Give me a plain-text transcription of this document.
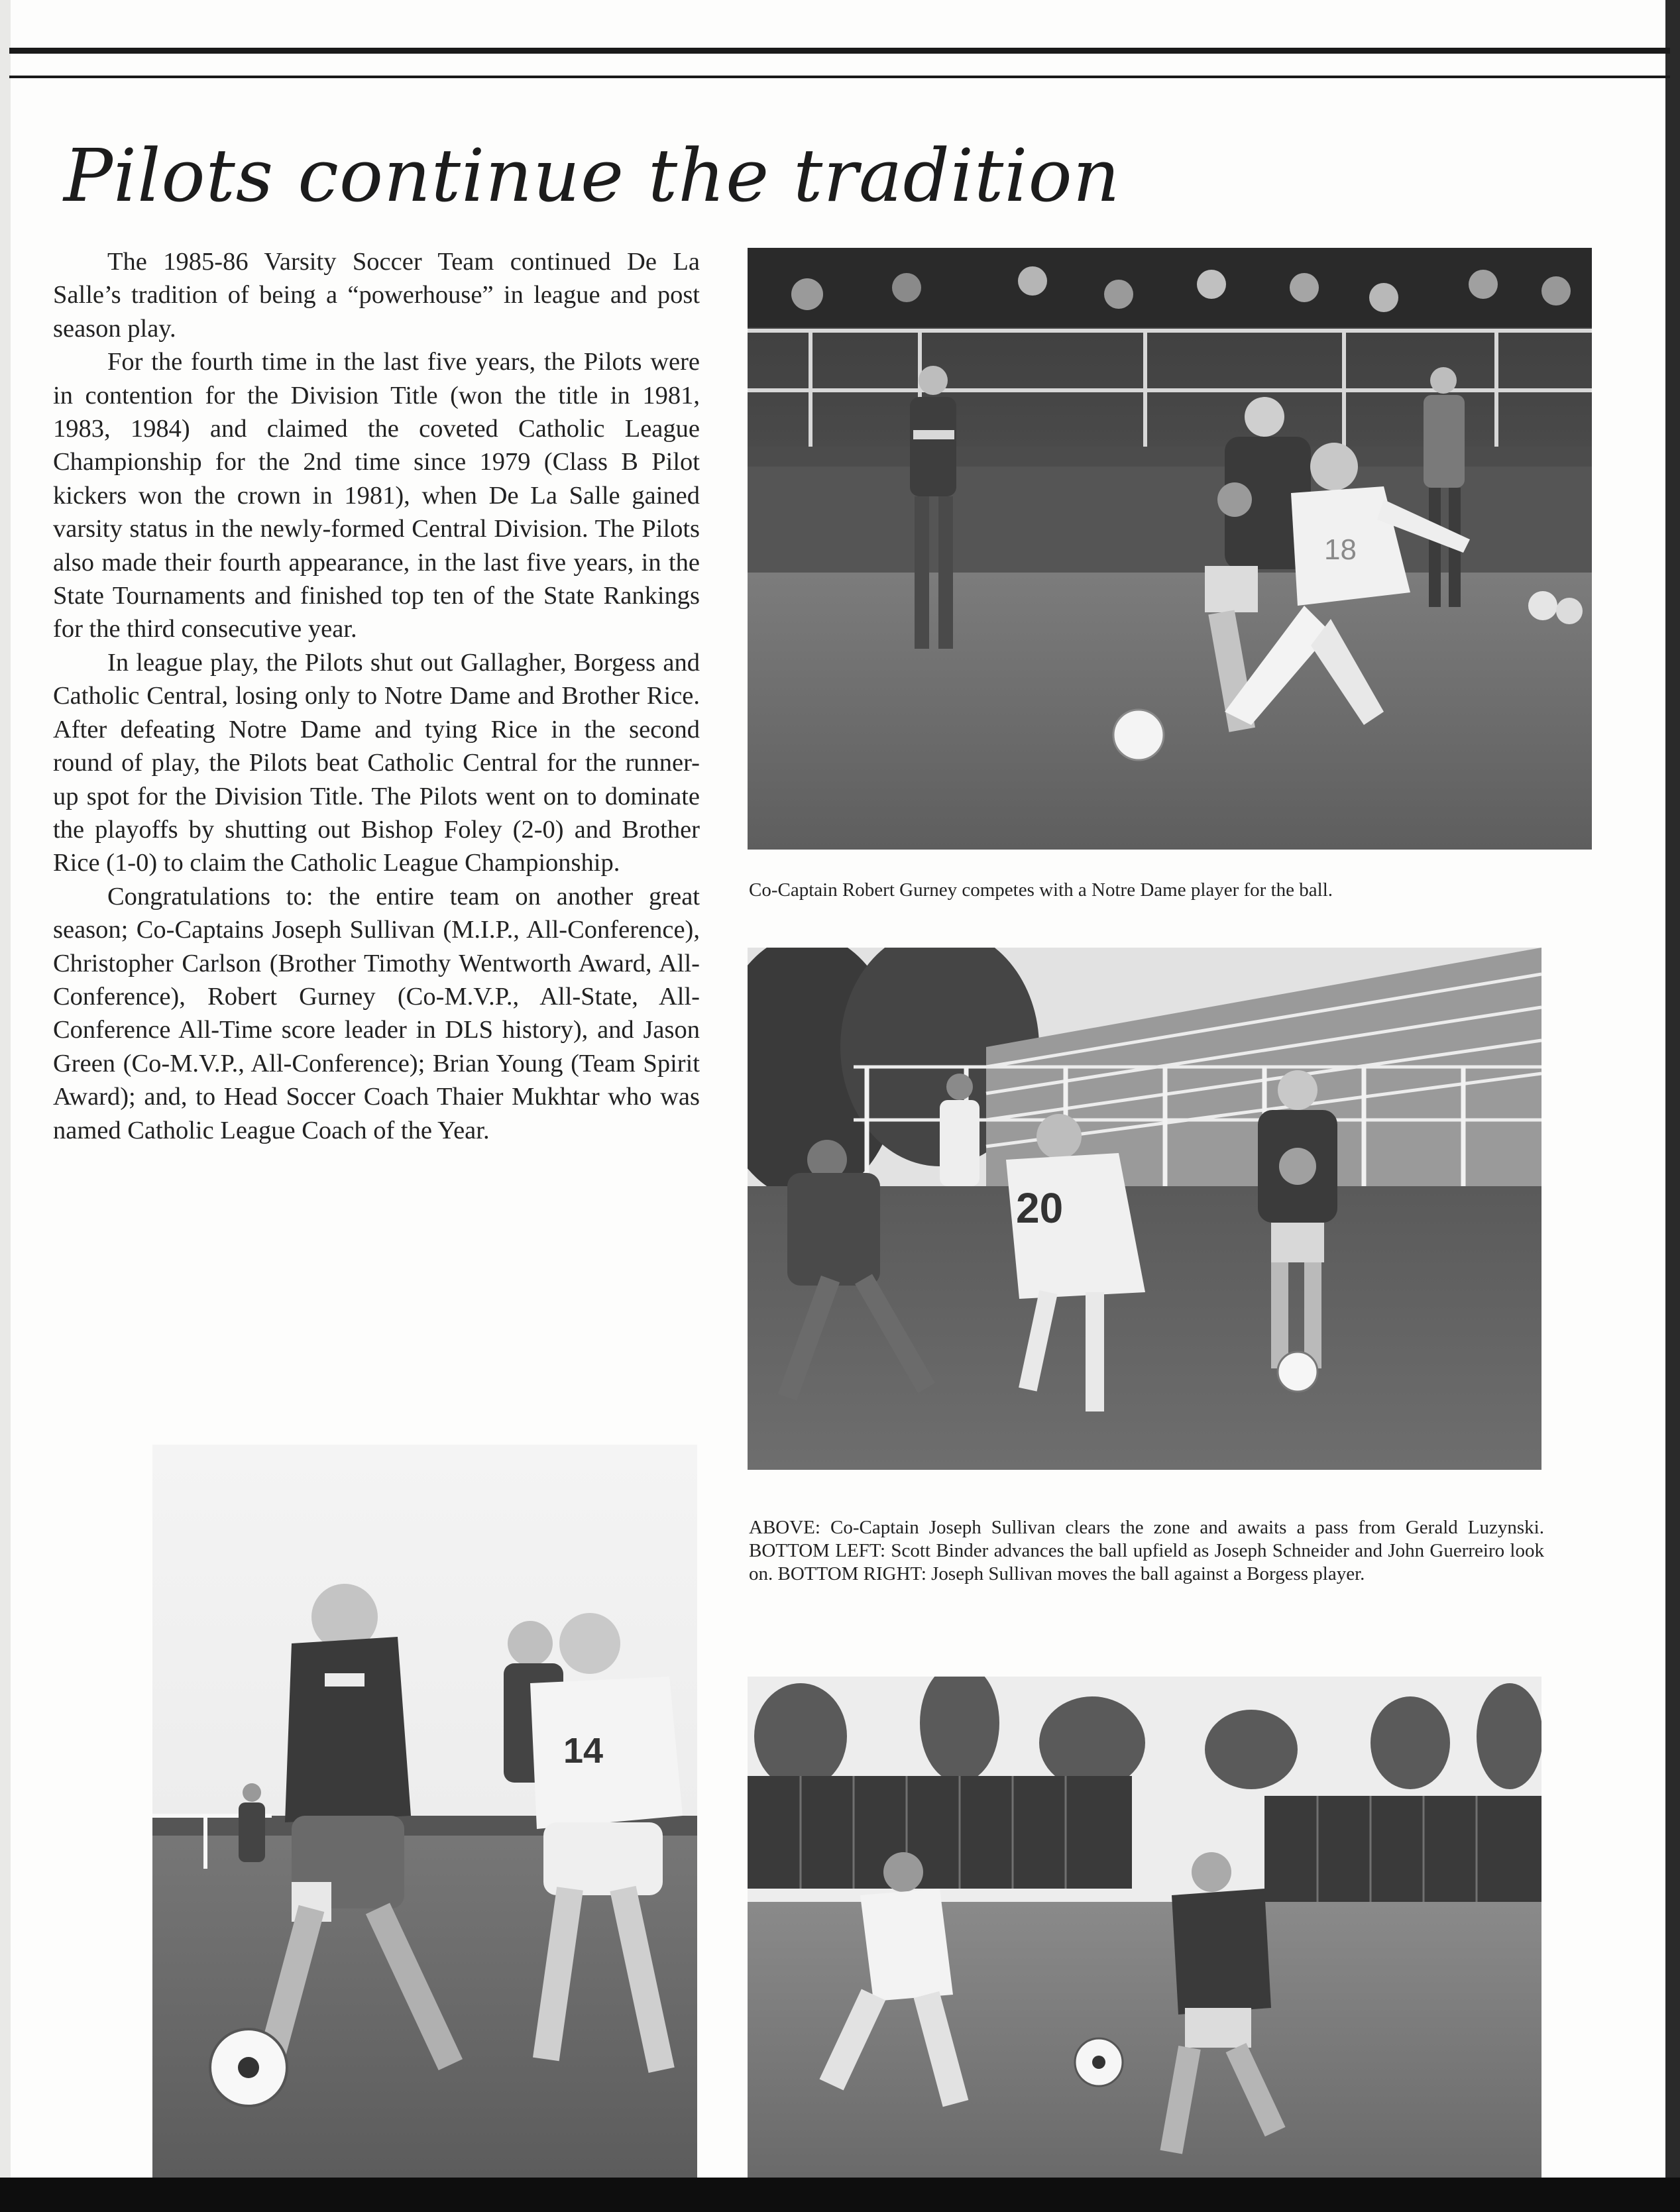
Pilots continue the tradition

The 1985-86 Varsity Soccer Team continued De La Salle’s tradition of being a “powerhouse” in league and post season play.

For the fourth time in the last five years, the Pilots were in contention for the Division Title (won the title in 1981, 1983, 1984) and claimed the coveted Catholic League Championship for the 2nd time since 1979 (Class B Pilot kickers won the crown in 1981), when De La Salle gained varsity status in the newly-formed Central Division. The Pilots also made their fourth appearance, in the last five years, in the State Tournaments and finished top ten of the State Rankings for the third consecutive year.

In league play, the Pilots shut out Gallagher, Borgess and Catholic Central, losing only to Notre Dame and Brother Rice. After defeating Notre Dame and tying Rice in the second round of play, the Pilots beat Catholic Central for the runner-up spot for the Division Title. The Pilots went on to dominate the playoffs by shutting out Bishop Foley (2-0) and Brother Rice (1-0) to claim the Catholic League Championship.

Congratulations to: the entire team on another great season; Co-Captains Joseph Sullivan (M.I.P., All-Conference), Christopher Carlson (Brother Timothy Wentworth Award, All-Conference), Robert Gurney (Co-M.V.P., All-State, All-Conference All-Time score leader in DLS history), and Jason Green (Co-M.V.P., All-Conference); Brian Young (Team Spirit Award); and, to Head Soccer Coach Thaier Mukhtar who was named Catholic League Coach of the Year.

18
Co-Captain Robert Gurney competes with a Notre Dame player for the ball.
20
ABOVE: Co-Captain Joseph Sullivan clears the zone and awaits a pass from Gerald Luzynski. BOTTOM LEFT: Scott Binder advances the ball upfield as Joseph Schneider and John Guerreiro look on. BOTTOM RIGHT: Joseph Sullivan moves the ball against a Borgess player.
14
